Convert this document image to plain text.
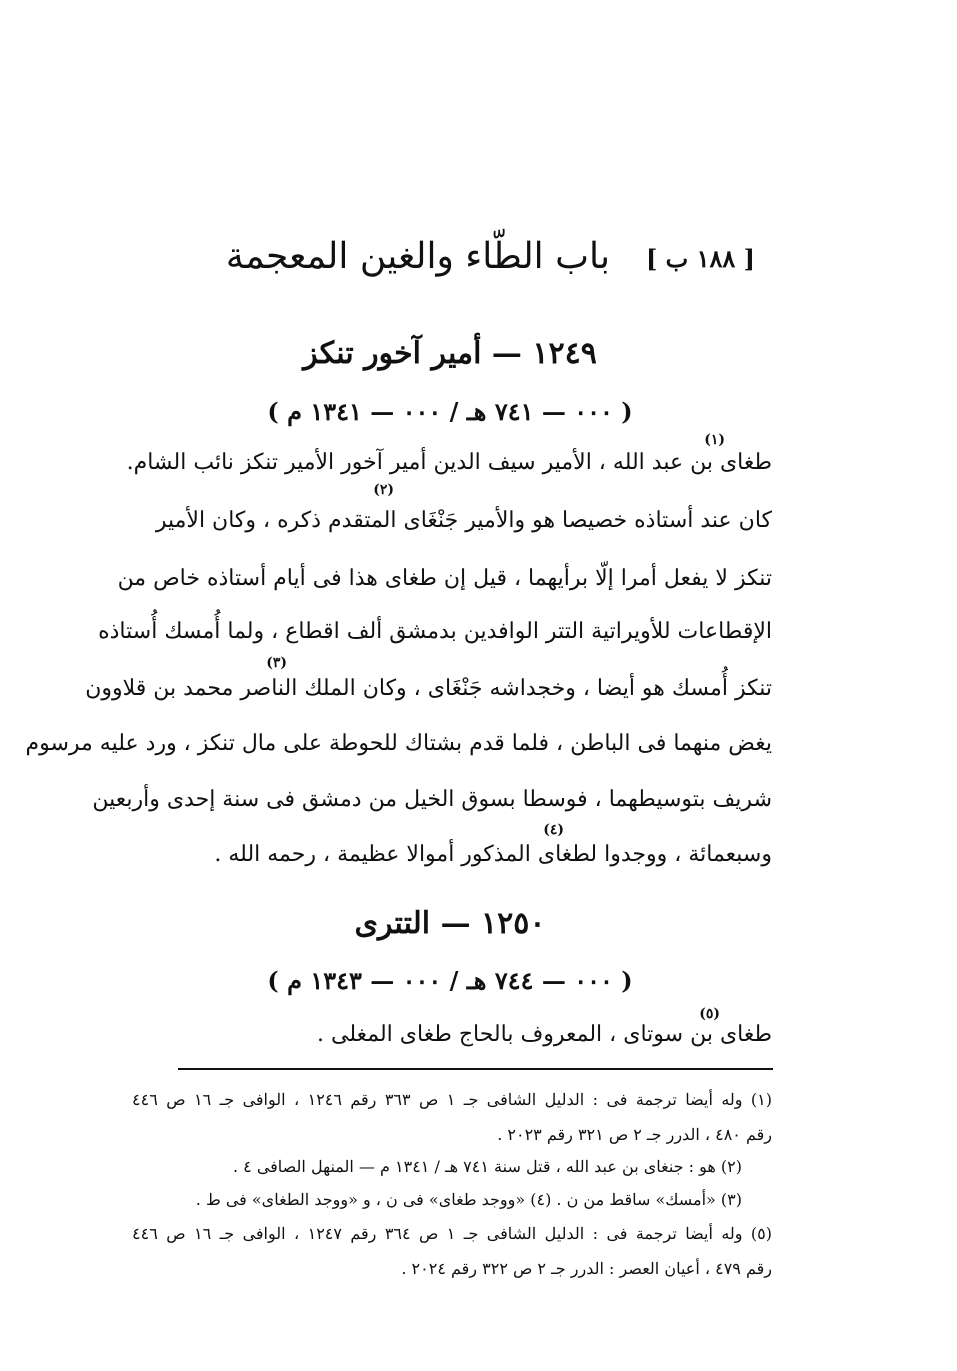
باب الطّاء والغين المعجمة [ ١٨٨ ب ]
١٢٤٩ — أمير آخور تنكز
( ٠٠٠ — ٧٤١ هـ / ٠٠٠ — ١٣٤١ م )
(١)
طغاى بن عبد الله ، الأمير سيف الدين أمير آخور الأمير تنكز نائب الشام.
(٢)
كان عند أستاذه خصيصا هو والأمير جَنْغَاى المتقدم ذكره ، وكان الأمير
تنكز لا يفعل أمرا إلّا برأيهما ، قيل إن طغاى هذا فى أيام أستاذه خاص من
الإقطاعات للأويراتية التتر الوافدين بدمشق ألف اقطاع ، ولما أُمسك أُستاذه
(٣)
تنكز أُمسك هو أيضا ، وخجداشه جَنْغَاى ، وكان الملك الناصر محمد بن قلاوون
يغض منهما فى الباطن ، فلما قدم بشتاك للحوطة على مال تنكز ، ورد عليه مرسوم
شريف بتوسيطهما ، فوسطا بسوق الخيل من دمشق فى سنة إحدى وأربعين
(٤)
وسبعمائة ، ووجدوا لطغاى المذكور أموالا عظيمة ، رحمه الله .
١٢٥٠ — التترى
( ٠٠٠ — ٧٤٤ هـ / ٠٠٠ — ١٣٤٣ م )
(٥)
طغاى بن سوتاى ، المعروف بالحاج طغاى المغلى .
(١) وله أيضا ترجمة فى : الدليل الشافى جـ ١ ص ٣٦٣ رقم ١٢٤٦ ، الوافى جـ ١٦ ص ٤٤٦
رقم ٤٨٠ ، الدرر جـ ٢ ص ٣٢١ رقم ٢٠٢٣ .
(٢) هو : جنغاى بن عبد الله ، قتل سنة ٧٤١ هـ / ١٣٤١ م — المنهل الصافى ٤ .
(٣) «أمسك» ساقط من ن . (٤) «ووجد طغاى» فى ن ، و «ووجد الطغاى» فى ط .
(٥) وله أيضا ترجمة فى : الدليل الشافى جـ ١ ص ٣٦٤ رقم ١٢٤٧ ، الوافى جـ ١٦ ص ٤٤٦
رقم ٤٧٩ ، أعيان العصر : الدرر جـ ٢ ص ٣٢٢ رقم ٢٠٢٤ .
